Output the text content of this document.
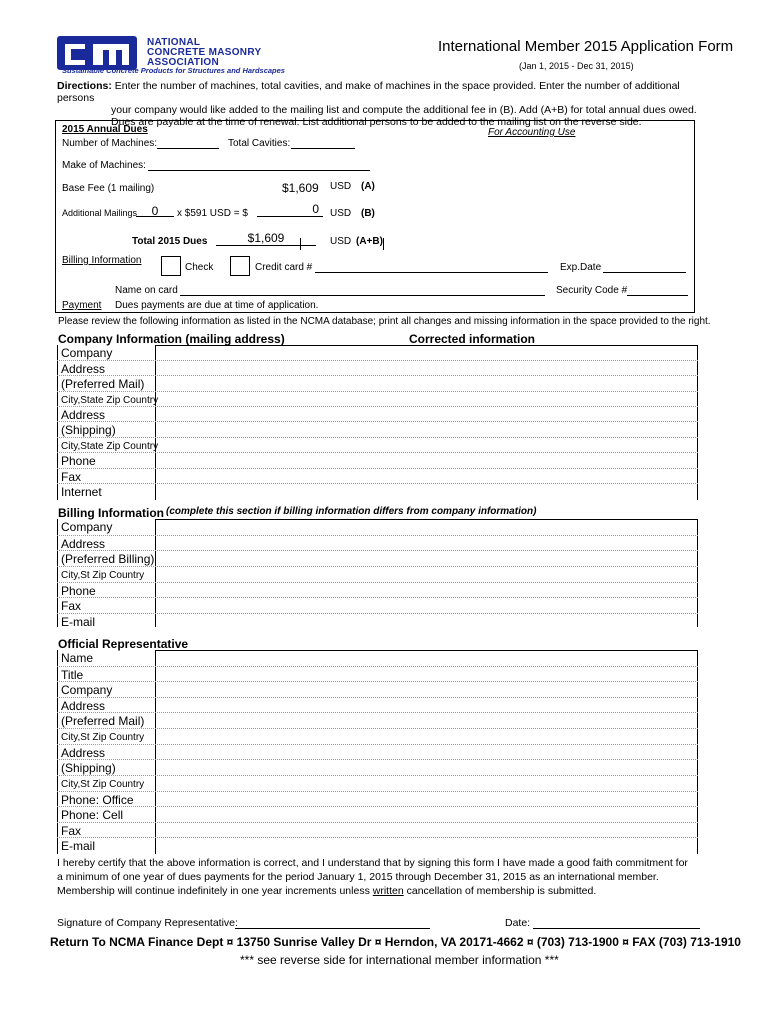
NATIONAL
CONCRETE MASONRY
ASSOCIATION
Sustainable Concrete Products for Structures and Hardscapes
International Member 2015 Application Form
(Jan 1, 2015 - Dec 31, 2015)
Directions: Enter the number of machines, total cavities, and make of machines in the space provided. Enter the number of additional persons
your company would like added to the mailing list and compute the additional fee in (B). Add (A+B) for total annual dues owed.
Dues are payable at the time of renewal. List additional persons to be added to the mailing list on the reverse side.
2015 Annual Dues	For Accounting Use
Number of Machines:	Total Cavities:
Make of Machines:
Base Fee (1 mailing)	$1,609 USD (A)
Additional Mailings	0	x $591 USD = $	0	USD (B)
Total 2015 Dues	$1,609	USD (A+B)
Billing Information
Check	Credit card #	Exp.Date
Name on card	Security Code #
Payment Dues payments are due at time of application.
Please review the following information as listed in the NCMA database; print all changes and missing information in the space provided to the right.
Company Information (mailing address)	Corrected information
Company
Address
(Preferred Mail)
City,State Zip Country
Address
(Shipping)
City,State Zip Country
Phone
Fax
Internet
Billing Information (complete this section if billing information differs from company information)
Company
Address
(Preferred Billing)
City,St Zip Country
Phone
Fax
E-mail
Official Representative
Name
Title
Company
Address
(Preferred Mail)
City,St Zip Country
Address
(Shipping)
City,St Zip Country
Phone: Office
Phone: Cell
Fax
E-mail
I hereby certify that the above information is correct, and I understand that by signing this form I have made a good faith commitment for
a minimum of one year of dues payments for the period January 1, 2015 through December 31, 2015 as an international member.
Membership will continue indefinitely in one year increments unless written cancellation of membership is submitted.
Signature of Company Representative:	Date:
Return To NCMA Finance Dept ¤ 13750 Sunrise Valley Dr ¤ Herndon, VA 20171-4662 ¤ (703) 713-1900 ¤ FAX (703) 713-1910
*** see reverse side for international member information ***
